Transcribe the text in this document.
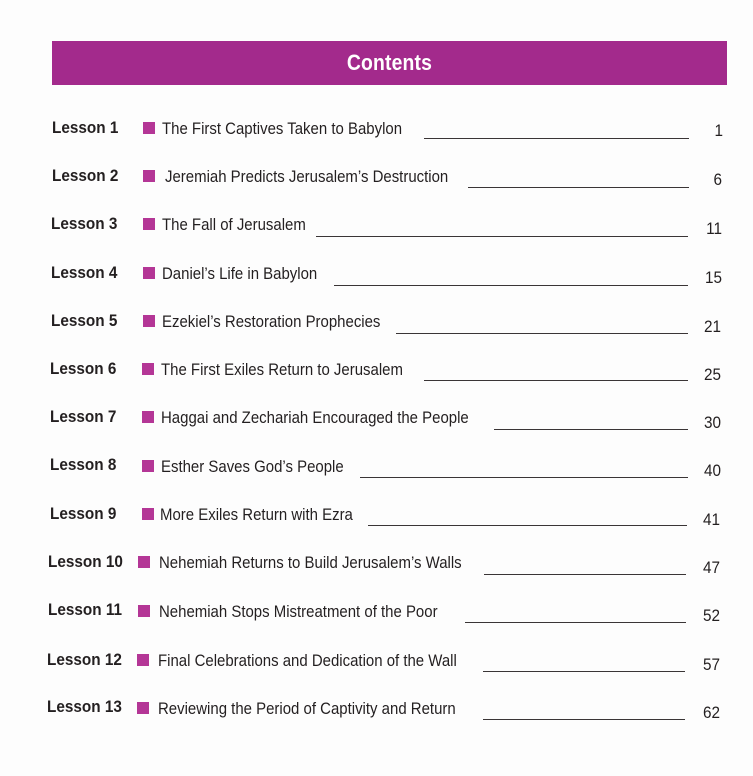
Contents
Lesson 1	The First Captives Taken to Babylon	1
Lesson 2	Jeremiah Predicts Jerusalem’s Destruction	6
Lesson 3	The Fall of Jerusalem	11
Lesson 4	Daniel’s Life in Babylon	15
Lesson 5	Ezekiel’s Restoration Prophecies	21
Lesson 6	The First Exiles Return to Jerusalem	25
Lesson 7	Haggai and Zechariah Encouraged the People	30
Lesson 8	Esther Saves God’s People	40
Lesson 9	More Exiles Return with Ezra	41
Lesson 10 Nehemiah Returns to Build Jerusalem’s Walls	47
Lesson 11 Nehemiah Stops Mistreatment of the Poor	52
Lesson 12 Final Celebrations and Dedication of the Wall	57
Lesson 13 Reviewing the Period of Captivity and Return	62
